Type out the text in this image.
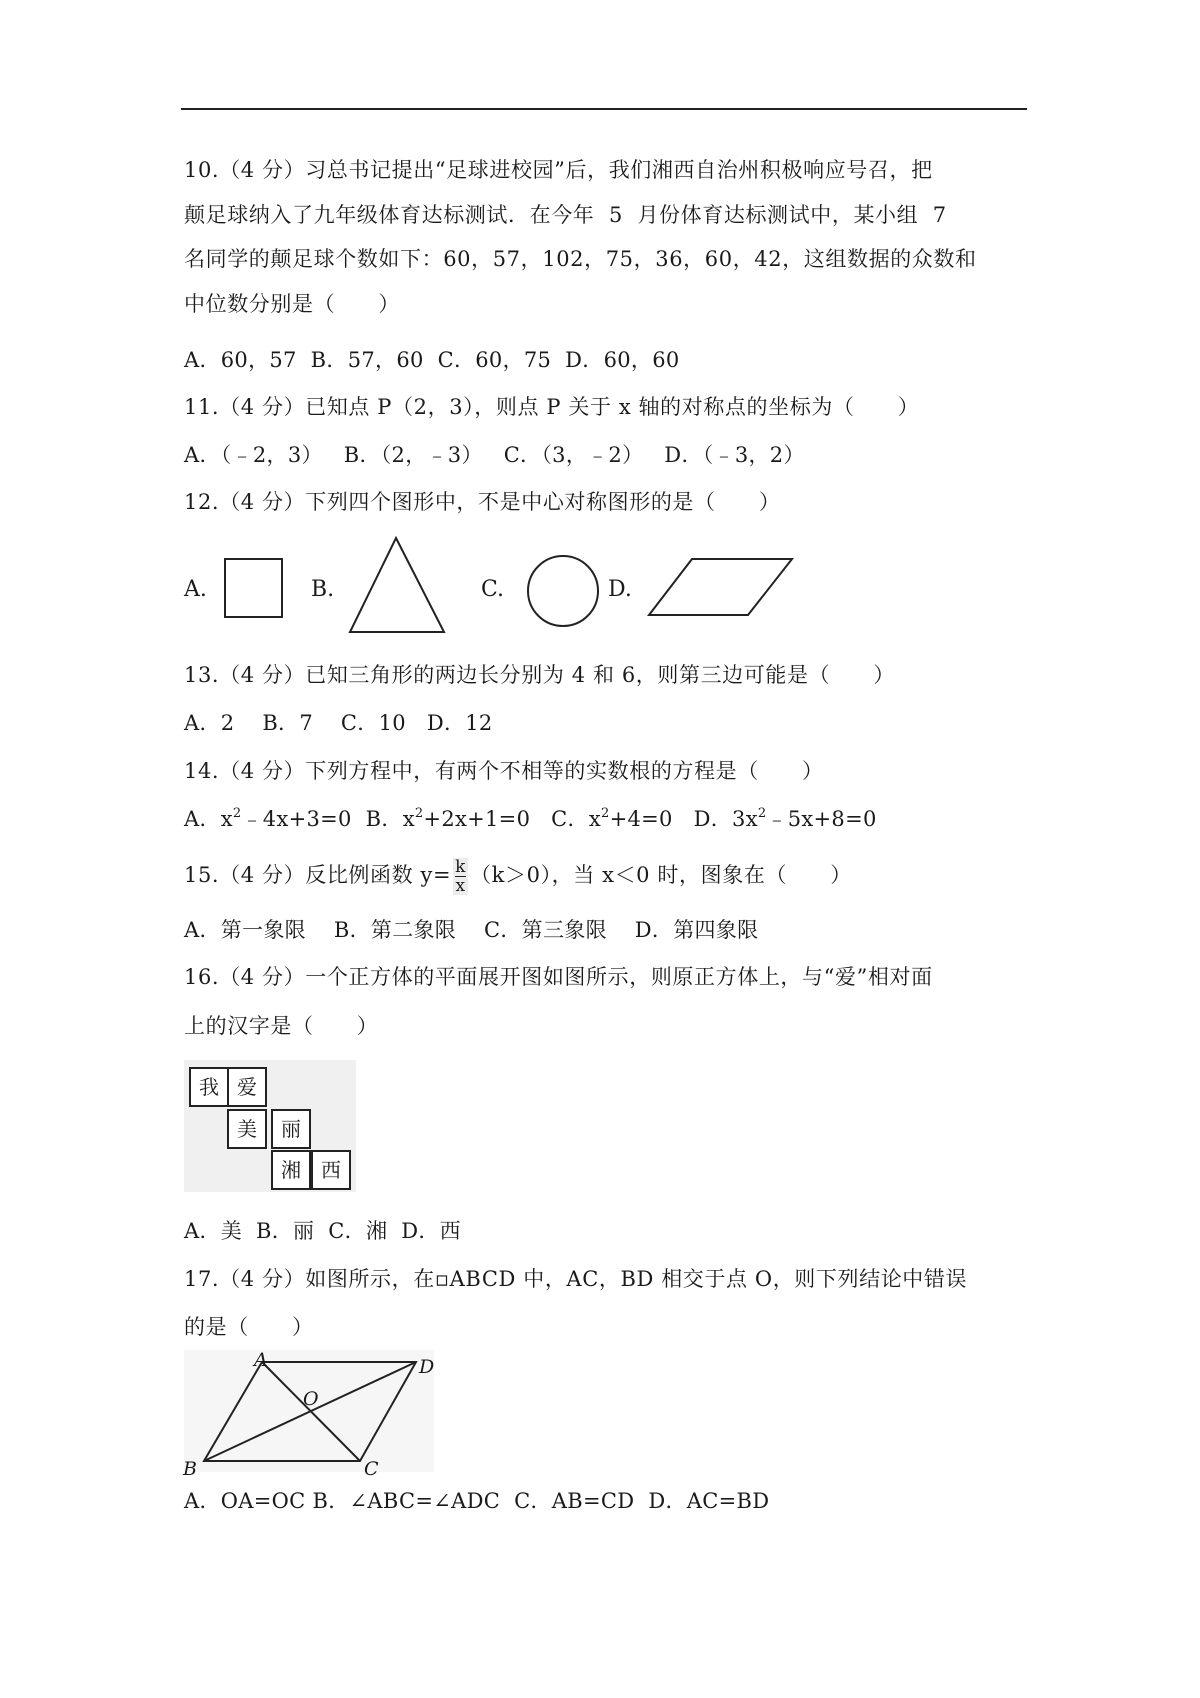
10.（4 分）习总书记提出“足球进校园”后，我们湘西自治州积极响应号召，把
颠足球纳入了九年级体育达标测试．在今年  5  月份体育达标测试中，某小组  7
名同学的颠足球个数如下：60，57，102，75，36，60，42，这组数据的众数和
中位数分别是（　　）
A．60，57  B．57，60  C．60，75  D．60，60
11.（4 分）已知点 P（2，3），则点 P 关于 x 轴的对称点的坐标为（　　）
A．（﹣2，3）   B．（2，﹣3）   C．（3，﹣2）   D．（﹣3，2）
12.（4 分）下列四个图形中，不是中心对称图形的是（　　）
A.	B.	C.	D.
13.（4 分）已知三角形的两边长分别为 4 和 6，则第三边可能是（　　）
A．2    B．7    C．10   D．12
14.（4 分）下列方程中，有两个不相等的实数根的方程是（　　）
A．$x^2﹣4x+3=0$  B．$x^2+2x+1=0$   C．$x^2+4=0$   D．$3x^2﹣5x+8=0$
15.（4 分）反比例函数 $y= \frac{k}{x} (k>0)$，当 x＜0 时，图象在（　　）
A．第一象限    B．第二象限    C．第三象限    D．第四象限
16.（4 分）一个正方体的平面展开图如图所示，则原正方体上，与“爱”相对面
上的汉字是（　　）
我 爱
美	丽
湘	西
A．美  B．丽  C．湘  D．西
17.（4 分）如图所示，在▫ABCD 中，AC，BD 相交于点 O，则下列结论中错误
的是（　　）
A
B	C
D
O
A．OA=OC B．∠ABC=∠ADC  C．AB=CD  D．AC=BD
